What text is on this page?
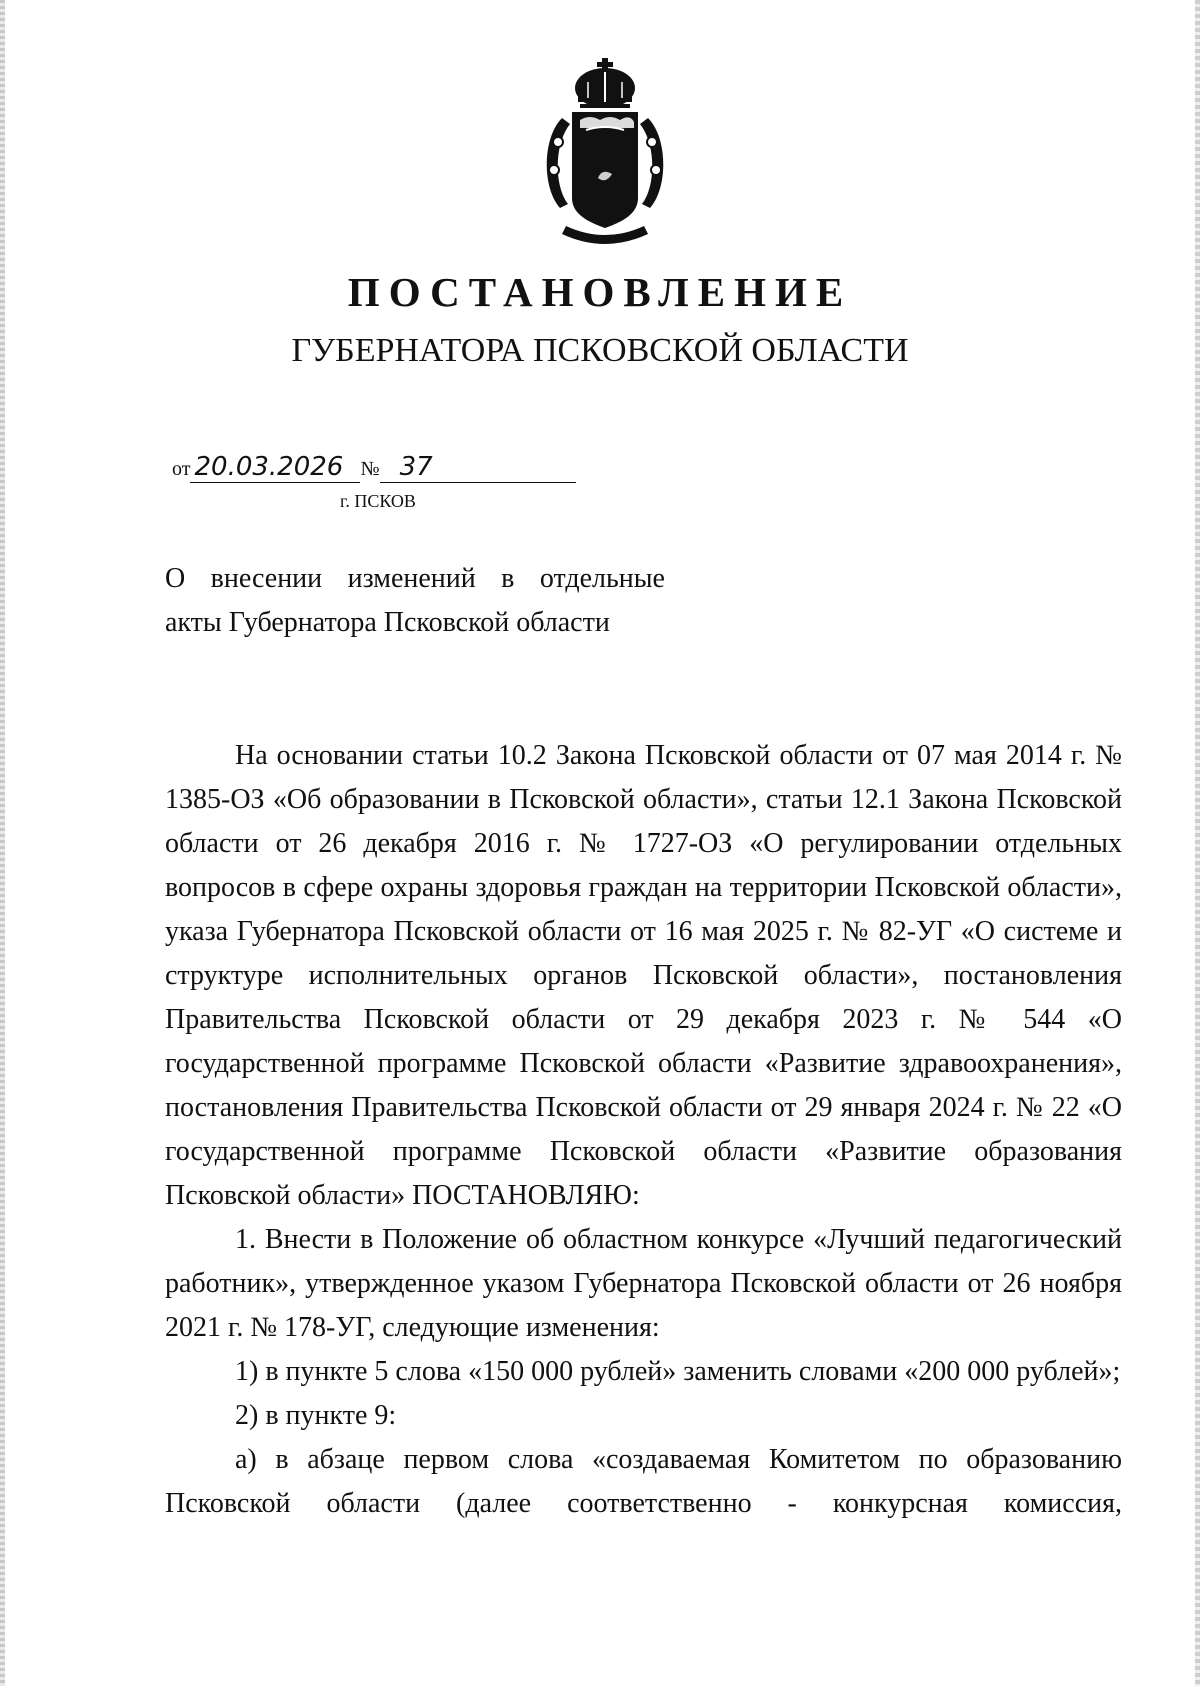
ПОСТАНОВЛЕНИЕ
ГУБЕРНАТОРА ПСКОВСКОЙ ОБЛАСТИ
от 20.03.2026 № 37
г. ПСКОВ

О внесении изменений в отдельные

акты Губернатора Псковской области

На основании статьи 10.2 Закона Псковской области от 07 мая 2014 г. № 1385-ОЗ «Об образовании в Псковской области», статьи 12.1 Закона Псковской области от 26 декабря 2016 г. № 1727-ОЗ «О регулировании отдельных вопросов в сфере охраны здоровья граждан на территории Псковской области», указа Губернатора Псковской области от 16 мая 2025 г. № 82-УГ «О системе и структуре исполнительных органов Псковской области», постановления Правительства Псковской области от 29 декабря 2023 г. № 544 «О государственной программе Псковской области «Развитие здравоохранения», постановления Правительства Псковской области от 29 января 2024 г. № 22 «О государственной программе Псковской области «Развитие образования Псковской области» ПОСТАНОВЛЯЮ:

1. Внести в Положение об областном конкурсе «Лучший педагогический работник», утвержденное указом Губернатора Псковской области от 26 ноября 2021 г. № 178-УГ, следующие изменения:

1) в пункте 5 слова «150 000 рублей» заменить словами «200 000 рублей»;

2) в пункте 9:

а) в абзаце первом слова «создаваемая Комитетом по образованию Псковской области (далее соответственно - конкурсная комиссия,
